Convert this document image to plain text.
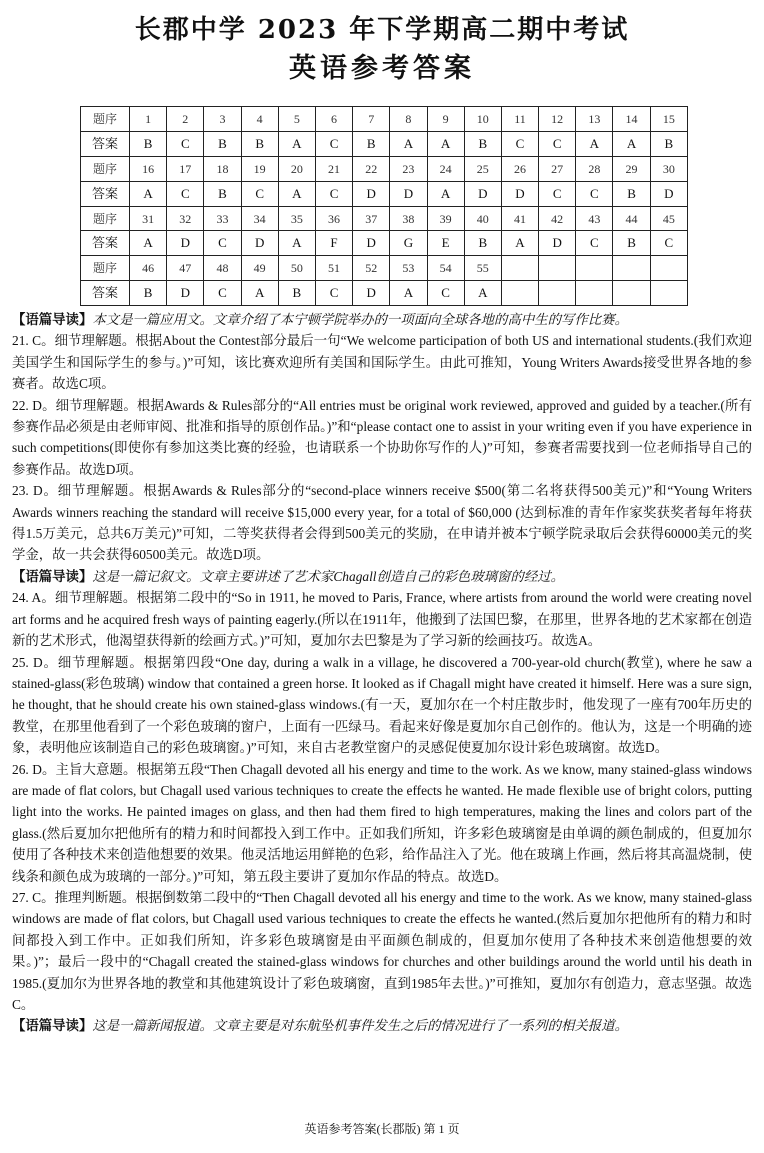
长郡中学 2023 年下学期高二期中考试
英语参考答案
题序	1	2	3	4	5	6	7	8	9	10	11	12	13	14	15
答案	B	C	B	B	A	C	B	A	A	B	C	C	A	A	B
题序	16	17	18	19	20	21	22	23	24	25	26	27	28	29	30
答案	A	C	B	C	A	C	D	D	A	D	D	C	C	B	D
题序	31	32	33	34	35	36	37	38	39	40	41	42	43	44	45
答案	A	D	C	D	A	F	D	G	E	B	A	D	C	B	C
题序	46	47	48	49	50	51	52	53	54	55					
答案	B	D	C	A	B	C	D	A	C	A					

【语篇导读】本文是一篇应用文。文章介绍了本宁顿学院举办的一项面向全球各地的高中生的写作比赛。

21. C。细节理解题。根据About the Contest部分最后一句“We welcome participation of both US and international students.(我们欢迎美国学生和国际学生的参与。)”可知，该比赛欢迎所有美国和国际学生。由此可推知，Young Writers Awards接受世界各地的参赛者。故选C项。

22. D。细节理解题。根据Awards & Rules部分的“All entries must be original work reviewed, approved and guided by a teacher.(所有参赛作品必须是由老师审阅、批准和指导的原创作品。)”和“please contact one to assist in your writing even if you have experience in such competitions(即使你有参加这类比赛的经验，也请联系一个协助你写作的人)”可知，参赛者需要找到一位老师指导自己的参赛作品。故选D项。

23. D。细节理解题。根据Awards & Rules部分的“second-place winners receive $500(第二名将获得500美元)”和“Young Writers Awards winners reaching the standard will receive $15,000 every year, for a total of $60,000 (达到标准的青年作家奖获奖者每年将获得1.5万美元，总共6万美元)”可知，二等奖获得者会得到500美元的奖励，在申请并被本宁顿学院录取后会获得60000美元的奖学金，故一共会获得60500美元。故选D项。

【语篇导读】这是一篇记叙文。文章主要讲述了艺术家Chagall创造自己的彩色玻璃窗的经过。

24. A。细节理解题。根据第二段中的“So in 1911, he moved to Paris, France, where artists from around the world were creating novel art forms and he acquired fresh ways of painting eagerly.(所以在1911年，他搬到了法国巴黎，在那里，世界各地的艺术家都在创造新的艺术形式，他渴望获得新的绘画方式。)”可知，夏加尔去巴黎是为了学习新的绘画技巧。故选A。

25. D。细节理解题。根据第四段“One day, during a walk in a village, he discovered a 700-year-old church(教堂), where he saw a stained-glass(彩色玻璃) window that contained a green horse. It looked as if Chagall might have created it himself. Here was a sure sign, he thought, that he should create his own stained-glass windows.(有一天，夏加尔在一个村庄散步时，他发现了一座有700年历史的教堂，在那里他看到了一个彩色玻璃的窗户，上面有一匹绿马。看起来好像是夏加尔自己创作的。他认为，这是一个明确的迹象，表明他应该制造自己的彩色玻璃窗。)”可知，来自古老教堂窗户的灵感促使夏加尔设计彩色玻璃窗。故选D。

26. D。主旨大意题。根据第五段“Then Chagall devoted all his energy and time to the work. As we know, many stained-glass windows are made of flat colors, but Chagall used various techniques to create the effects he wanted. He made flexible use of bright colors, putting light into the works. He painted images on glass, and then had them fired to high temperatures, making the lines and colors part of the glass.(然后夏加尔把他所有的精力和时间都投入到工作中。正如我们所知，许多彩色玻璃窗是由单调的颜色制成的，但夏加尔使用了各种技术来创造他想要的效果。他灵活地运用鲜艳的色彩，给作品注入了光。他在玻璃上作画，然后将其高温烧制，使线条和颜色成为玻璃的一部分。)”可知，第五段主要讲了夏加尔作品的特点。故选D。

27. C。推理判断题。根据倒数第二段中的“Then Chagall devoted all his energy and time to the work. As we know, many stained-glass windows are made of flat colors, but Chagall used various techniques to create the effects he wanted.(然后夏加尔把他所有的精力和时间都投入到工作中。正如我们所知，许多彩色玻璃窗是由平面颜色制成的，但夏加尔使用了各种技术来创造他想要的效果。)”；最后一段中的“Chagall created the stained-glass windows for churches and other buildings around the world until his death in 1985.(夏加尔为世界各地的教堂和其他建筑设计了彩色玻璃窗，直到1985年去世。)”可推知，夏加尔有创造力，意志坚强。故选C。

【语篇导读】这是一篇新闻报道。文章主要是对东航坠机事件发生之后的情况进行了一系列的相关报道。

英语参考答案(长郡版) 第 1 页
